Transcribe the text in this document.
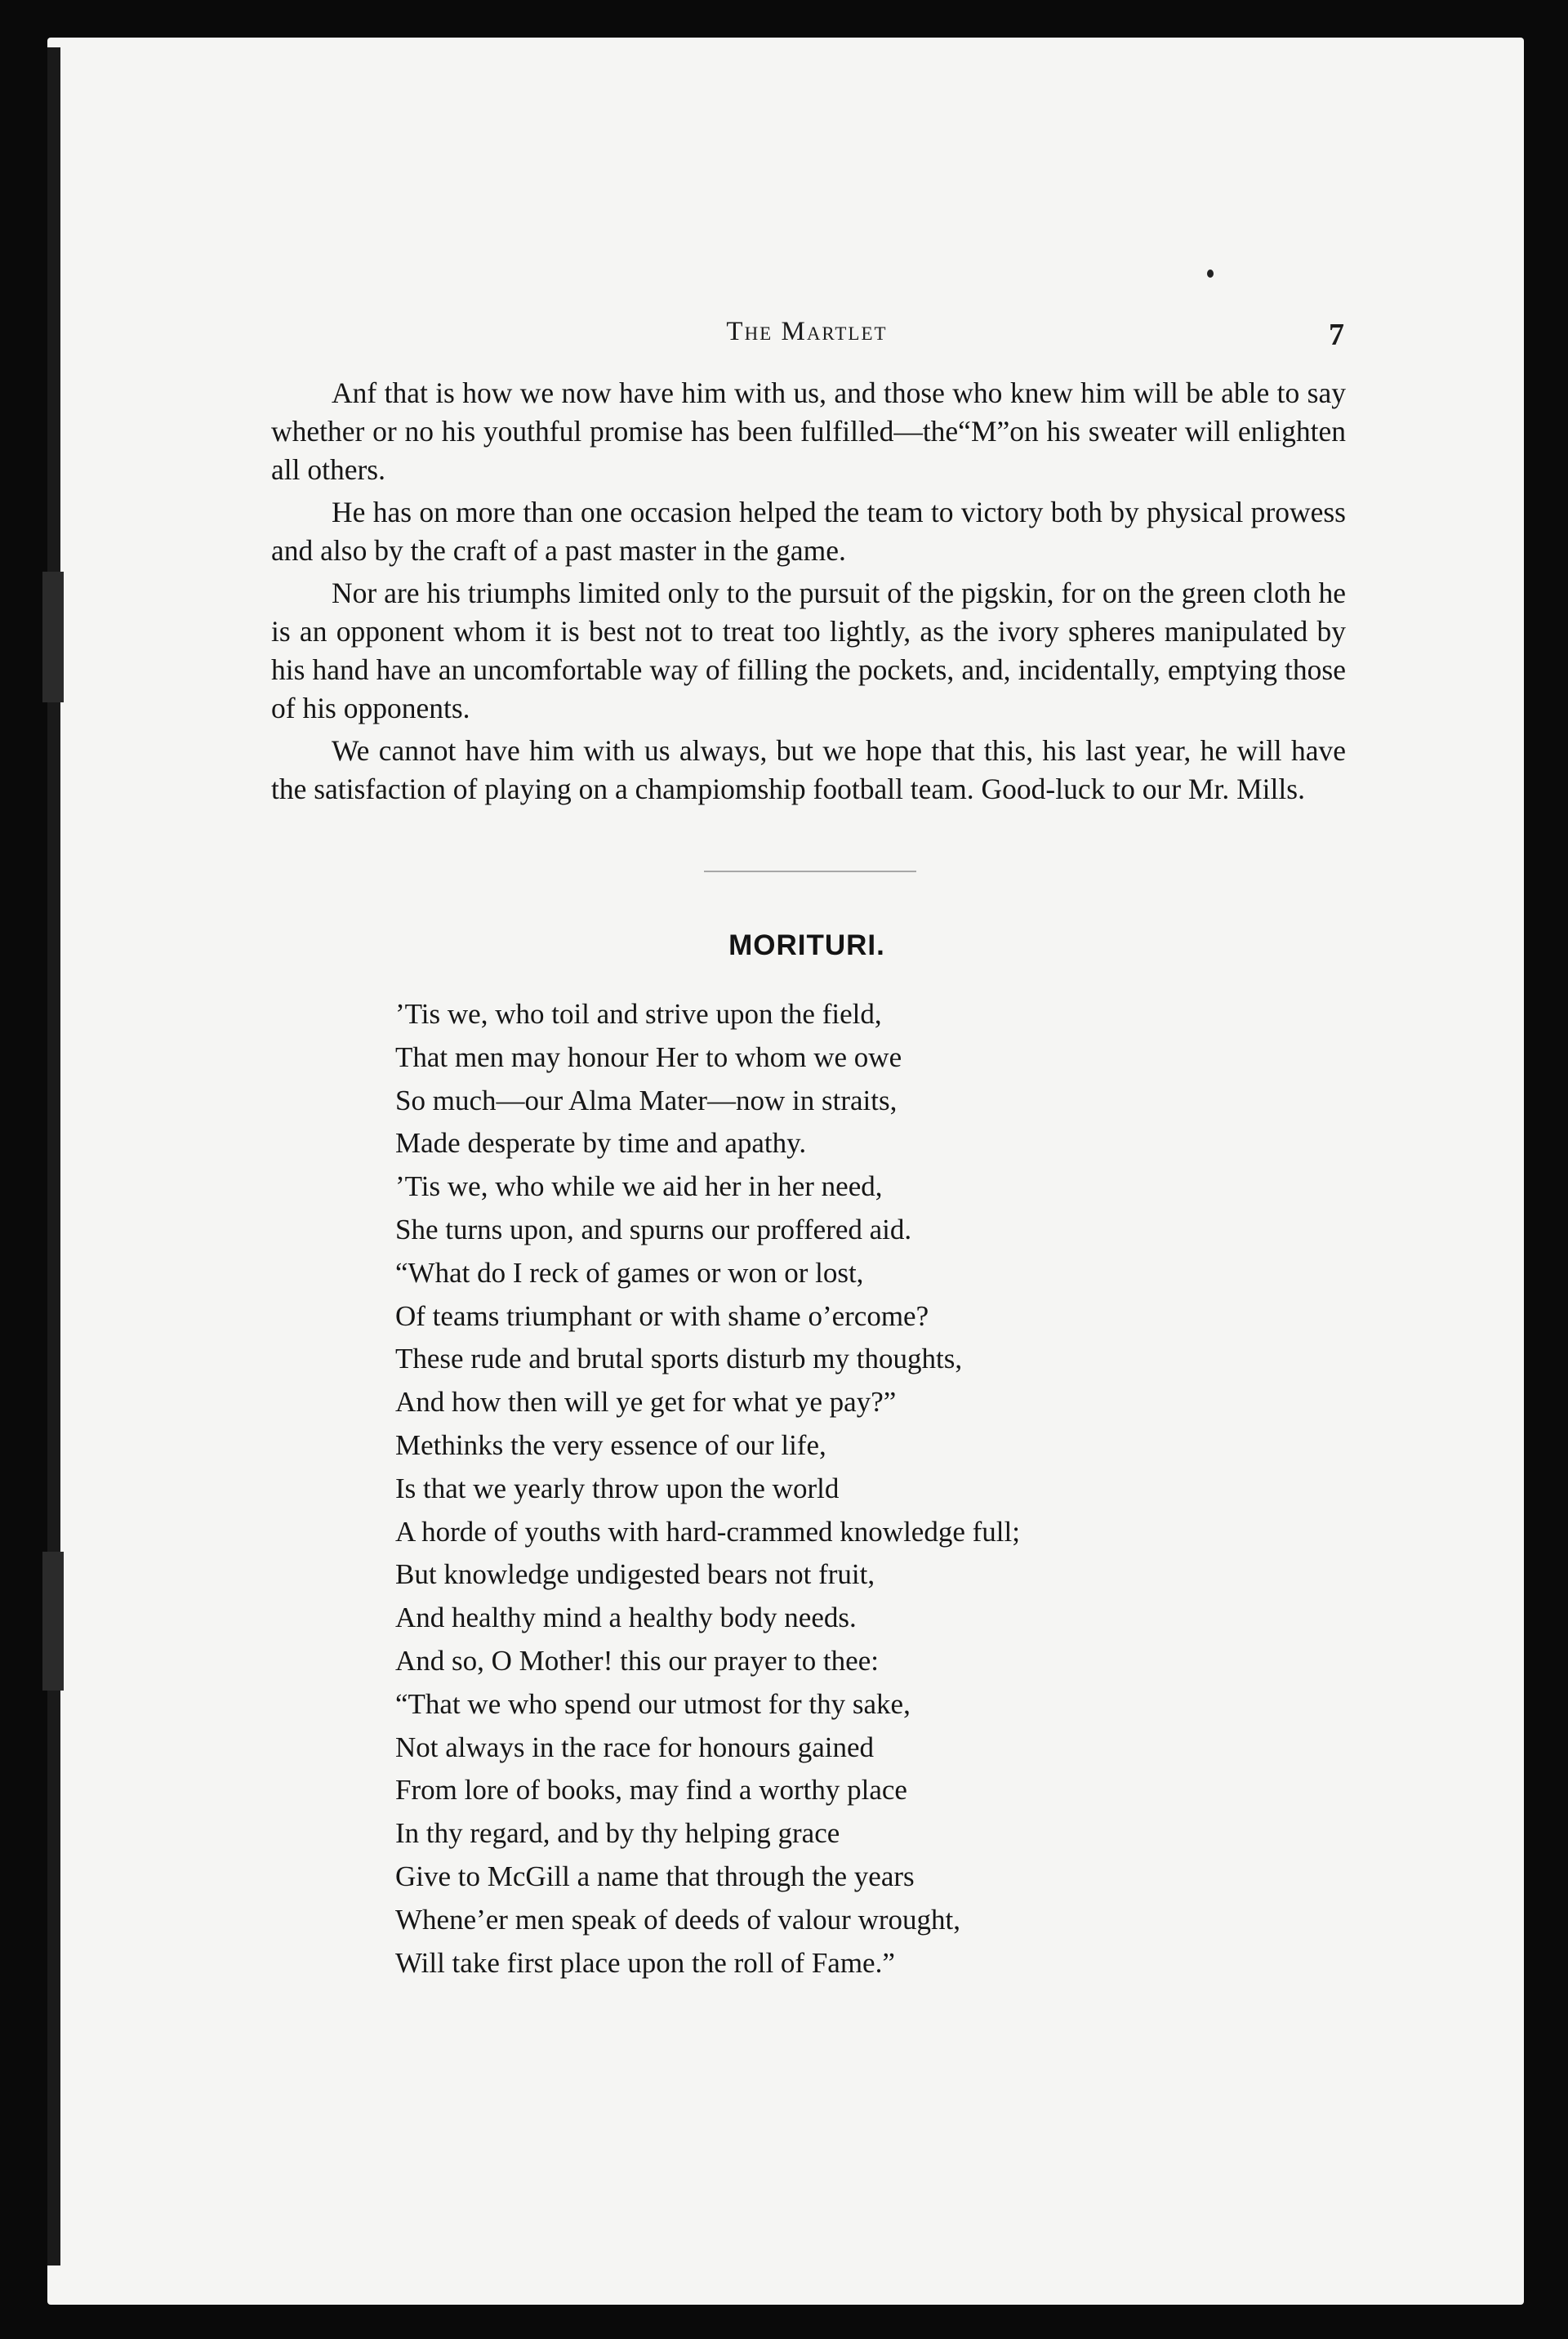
The Martlet	7

Anf that is how we now have him with us, and those who knew him will be able to say whether or no his youthful promise has been fulfilled—the“M”on his sweater will enlighten all others.

He has on more than one occasion helped the team to victory both by physical prowess and also by the craft of a past master in the game.

Nor are his triumphs limited only to the pursuit of the pigskin, for on the green cloth he is an opponent whom it is best not to treat too lightly, as the ivory spheres manipulated by his hand have an uncomfortable way of filling the pockets, and, incidentally, emptying those of his opponents.

We cannot have him with us always, but we hope that this, his last year, he will have the satisfaction of playing on a champiomship football team. Good-luck to our Mr. Mills.

MORITURI.
’Tis we, who toil and strive upon the field,
That men may honour Her to whom we owe
So much—our Alma Mater—now in straits,
Made desperate by time and apathy.
’Tis we, who while we aid her in her need,
She turns upon, and spurns our proffered aid.
“What do I reck of games or won or lost,
Of teams triumphant or with shame o’ercome?
These rude and brutal sports disturb my thoughts,
And how then will ye get for what ye pay?”
Methinks the very essence of our life,
Is that we yearly throw upon the world
A horde of youths with hard-crammed knowledge full;
But knowledge undigested bears not fruit,
And healthy mind a healthy body needs.
And so, O Mother! this our prayer to thee:
“That we who spend our utmost for thy sake,
Not always in the race for honours gained
From lore of books, may find a worthy place
In thy regard, and by thy helping grace
Give to McGill a name that through the years
Whene’er men speak of deeds of valour wrought,
Will take first place upon the roll of Fame.”
